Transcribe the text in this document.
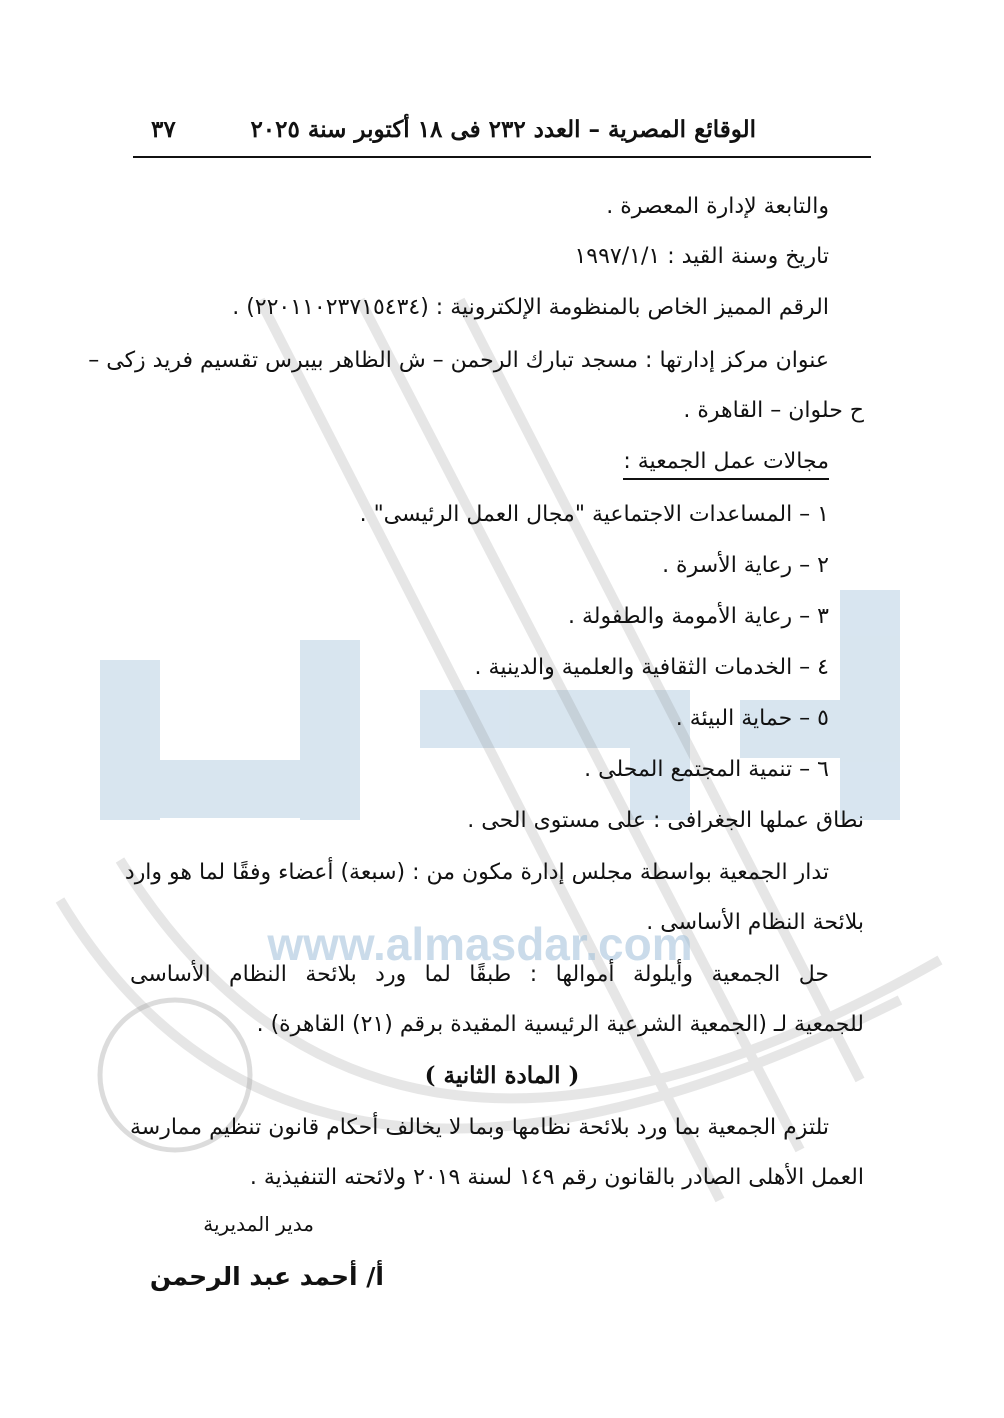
www.almasdar.com
الوقائع المصرية – العدد ٢٣٢ فى ١٨ أكتوبر سنة ٢٠٢٥
٣٧
والتابعة لإدارة المعصرة .
تاريخ وسنة القيد : ١٩٩٧/١/١
الرقم المميز الخاص بالمنظومة الإلكترونية : (٢٢٠١١٠٢٣٧١٥٤٣٤) .
عنوان مركز إدارتها : مسجد تبارك الرحمن – ش الظاهر بيبرس تقسيم فريد زكى –
ح حلوان – القاهرة .
مجالات عمل الجمعية :
١ – المساعدات الاجتماعية "مجال العمل الرئيسى" .
٢ – رعاية الأسرة .
٣ – رعاية الأمومة والطفولة .
٤ – الخدمات الثقافية والعلمية والدينية .
٥ – حماية البيئة .
٦ – تنمية المجتمع المحلى .
نطاق عملها الجغرافى : على مستوى الحى .
تدار الجمعية بواسطة مجلس إدارة مكون من : (سبعة) أعضاء وفقًا لما هو وارد
بلائحة النظام الأساسى .
حل الجمعية وأيلولة أموالها : طبقًا لما ورد بلائحة النظام الأساسى
للجمعية لـ (الجمعية الشرعية الرئيسية المقيدة برقم (٢١) القاهرة) .
( المادة الثانية )
تلتزم الجمعية بما ورد بلائحة نظامها وبما لا يخالف أحكام قانون تنظيم ممارسة
العمل الأهلى الصادر بالقانون رقم ١٤٩ لسنة ٢٠١٩ ولائحته التنفيذية .
مدير المديرية
أ/ أحمد عبد الرحمن
